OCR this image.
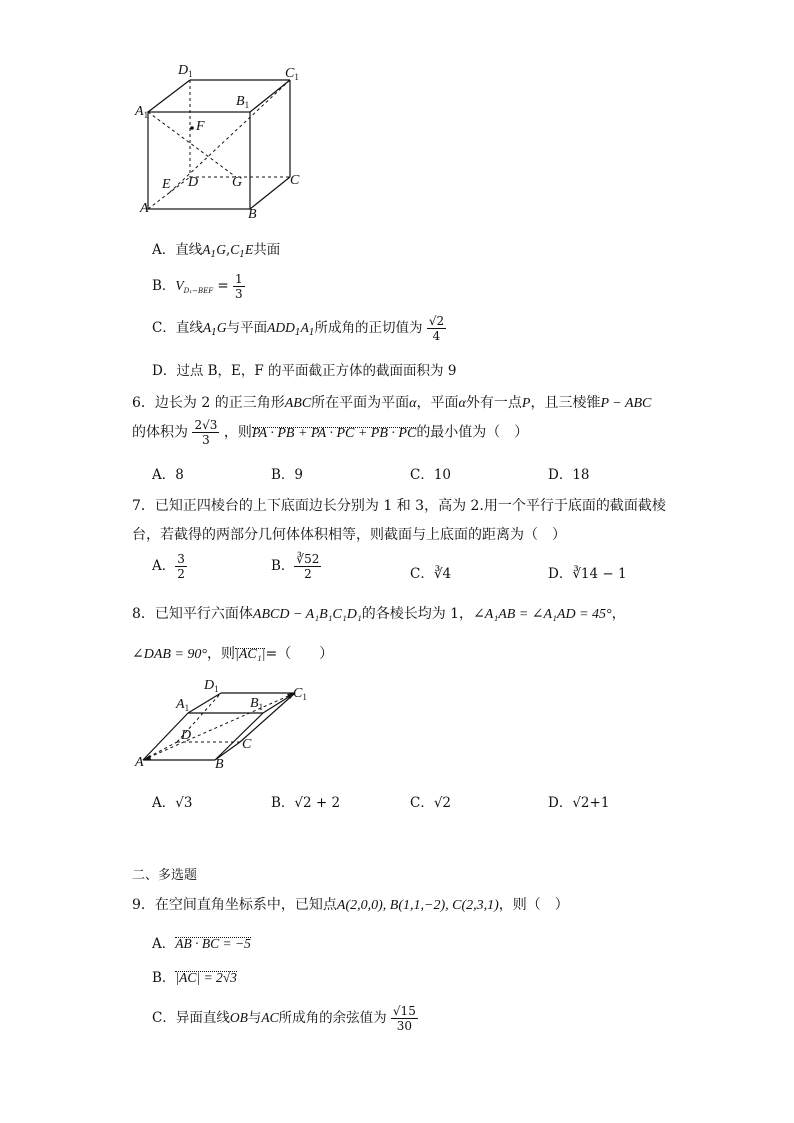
$D_1$	$C_1$
$A_1$
$B_1$
F
E D G	C
A	B
A．直线$A_1G,C_1E$共面
B．$V_{D_1-BEF} = \frac{1}{3}$
C．直线$A_1G$与平面$ADD_1A_1$所成角的正切值为 $\frac{√2}{4}$
D．过点 B，E，F 的平面截正方体的截面面积为 9
6．边长为 2 的正三角形ABC所在平面为平面α，平面α外有一点P，且三棱锥P − ABC
的体积为 $\frac{2√3}{3}$ ，则PA · PB + PA · PC + PB · PC的最小值为（　）
A．8	B．9	C．10	D．18
7．已知正四棱台的上下底面边长分别为 1 和 3，高为 2.用一个平行于底面的截面截棱
台，若截得的两部分几何体体积相等，则截面与上底面的距离为（　）
A． $\frac{3}{2}$	B． $\frac{∛52}{2}$	C．∛4	D．∛14 − 1
8．已知平行六面体ABCD − A₁B₁C₁D₁的各棱长均为 1，∠A₁AB = ∠A₁AD = 45°，
∠DAB = 90°，则|AC₁|=（　　）
$D_1$	$C_1$
$A_1$	$B_1$
D
C
A	B
A．√3	B．√2 + 2	C．√2	D．√2+1
二、多选题
9．在空间直角坐标系中，已知点A(2,0,0), B(1,1,−2), C(2,3,1)，则（　）
A．AB · BC = −5
B．|AC| = 2√3
C．异面直线OB与AC所成角的余弦值为 $\frac{√15}{30}$
